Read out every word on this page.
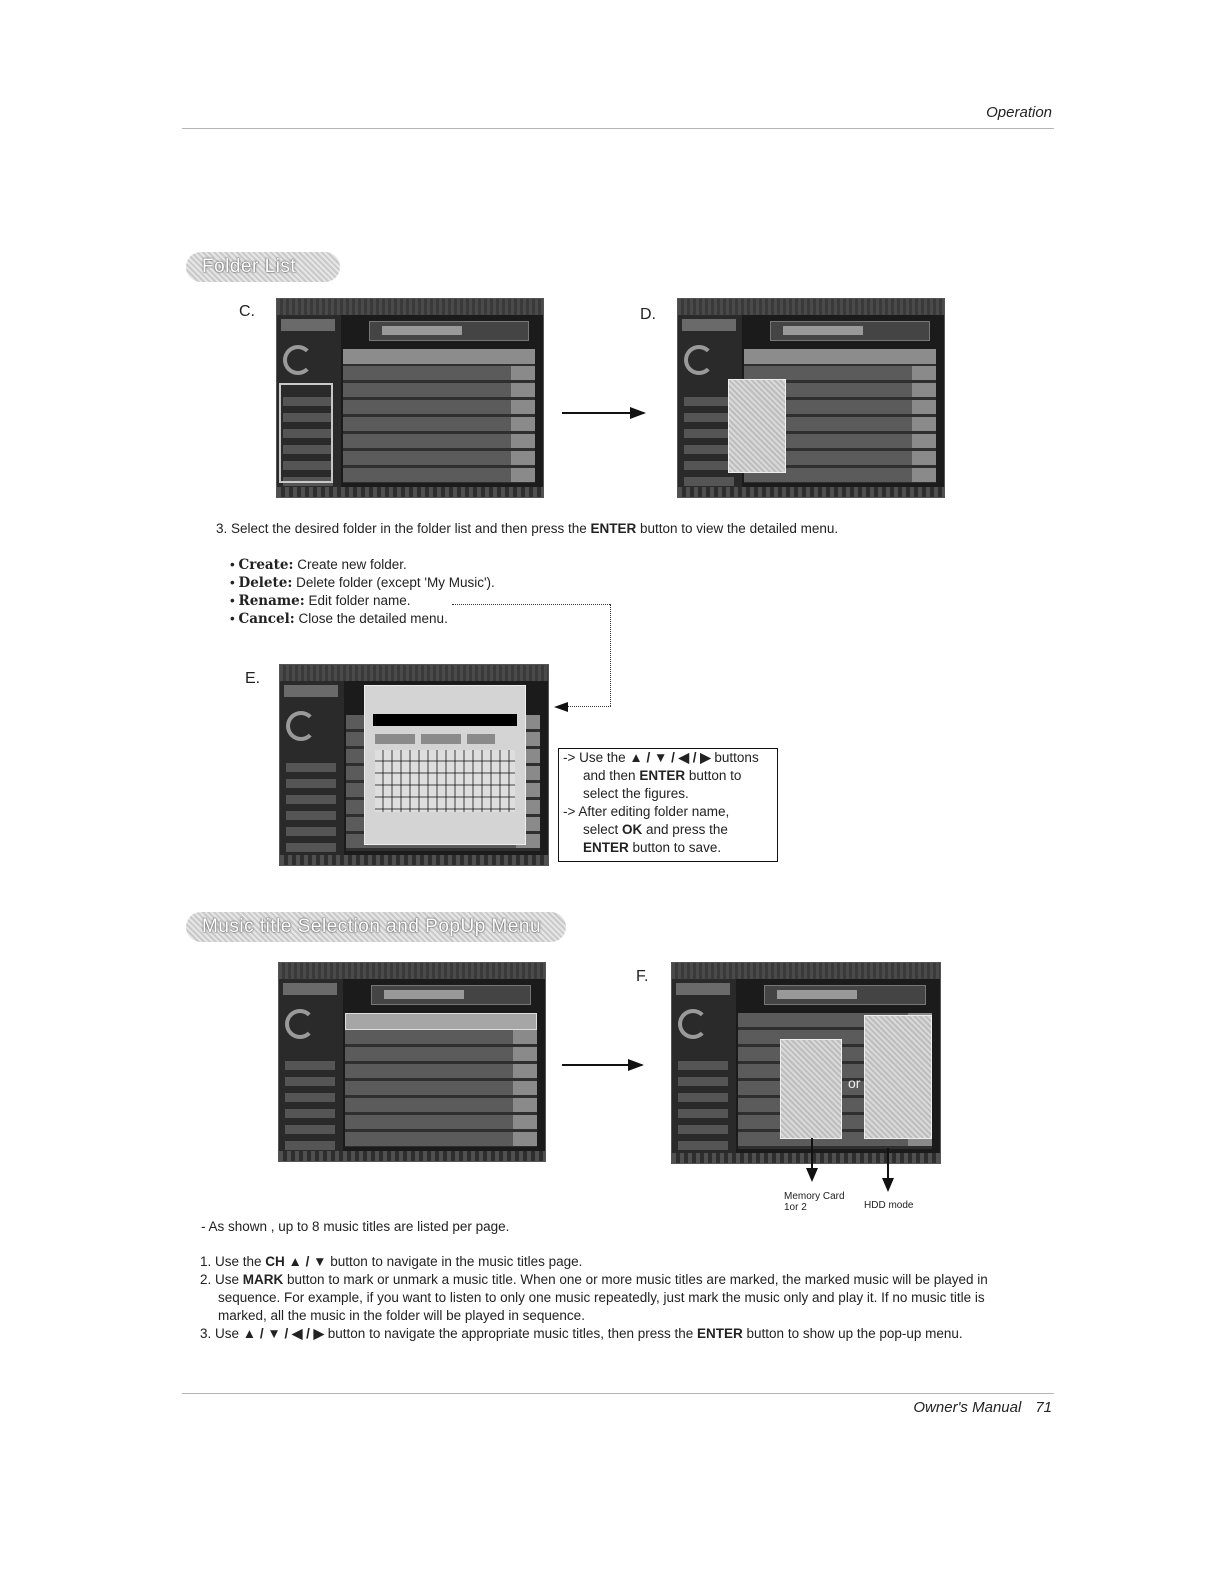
Operation
Folder List
C.	D.
3. Select the desired folder in the folder list and then press the ENTER button to view the detailed menu.
• Create: Create new folder.
• Delete: Delete folder (except 'My Music').
• Rename: Edit folder name.
• Cancel: Close the detailed menu.
E.
-> Use the ▲ / ▼ / ◀ / ▶ buttons
and then ENTER button to
select the figures.
-> After editing folder name,
select OK and press the
ENTER button to save.
Music title Selection and PopUp Menu
F.
or
Memory Card
1or 2	HDD mode
- As shown , up to 8 music titles are listed per page.
1. Use the CH ▲ / ▼ button to navigate in the music titles page.
2. Use MARK button to mark or unmark a music title. When one or more music titles are marked, the marked music will be played in sequence. For example, if you want to listen to only one music repeatedly, just mark the music only and play it. If no music title is marked, all the music in the folder will be played in sequence.
3. Use ▲ / ▼ / ◀ / ▶ button to navigate the appropriate music titles, then press the ENTER button to show up the pop-up menu.
Owner's Manual 71
